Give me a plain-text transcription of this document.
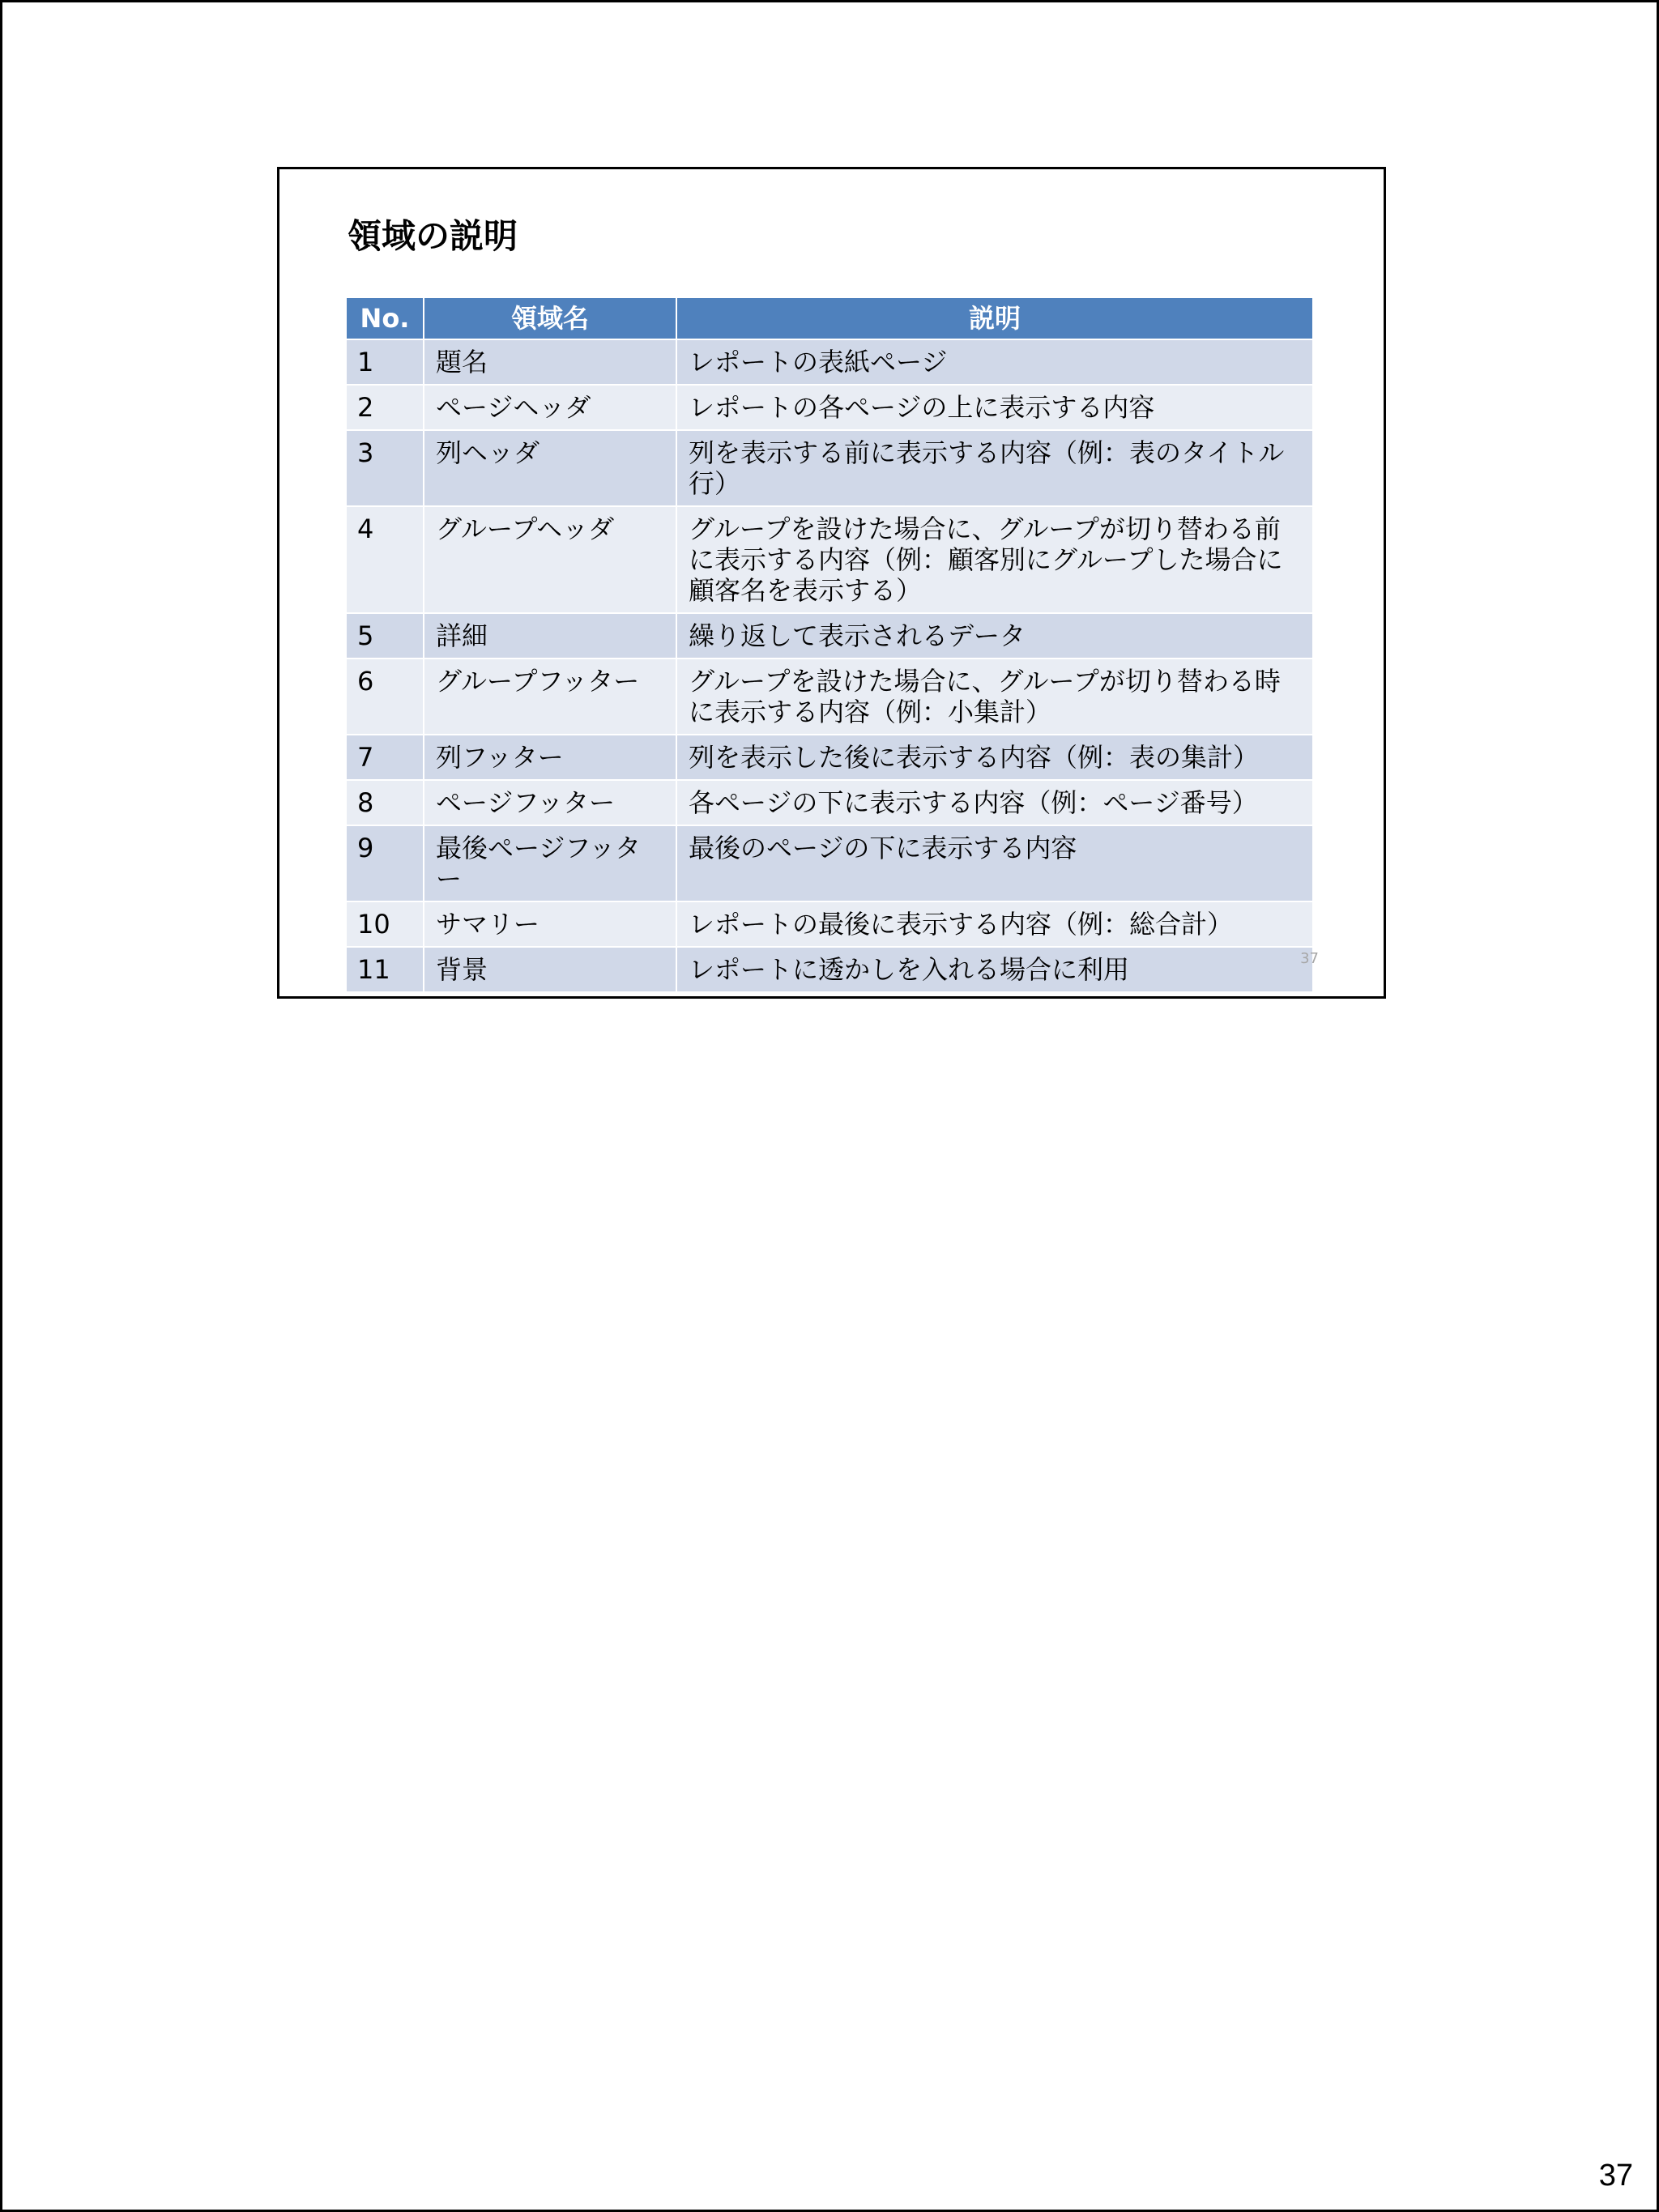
領域の説明
No.	領域名	説明
1	題名	レポートの表紙ページ
2	ページヘッダ	レポートの各ページの上に表示する内容
3	列ヘッダ	列を表示する前に表示する内容（例：表のタイトル行）
4	グループヘッダ	グループを設けた場合に、グループが切り替わる前に表示する内容（例：顧客別にグループした場合に顧客名を表示する）
5	詳細	繰り返して表示されるデータ
6	グループフッター	グループを設けた場合に、グループが切り替わる時に表示する内容（例：小集計）
7	列フッター	列を表示した後に表示する内容（例：表の集計）
8	ページフッター	各ページの下に表示する内容（例：ページ番号）
9	最後ページフッター	最後のページの下に表示する内容
10	サマリー	レポートの最後に表示する内容（例：総合計）
11	背景	レポートに透かしを入れる場合に利用	37
37
